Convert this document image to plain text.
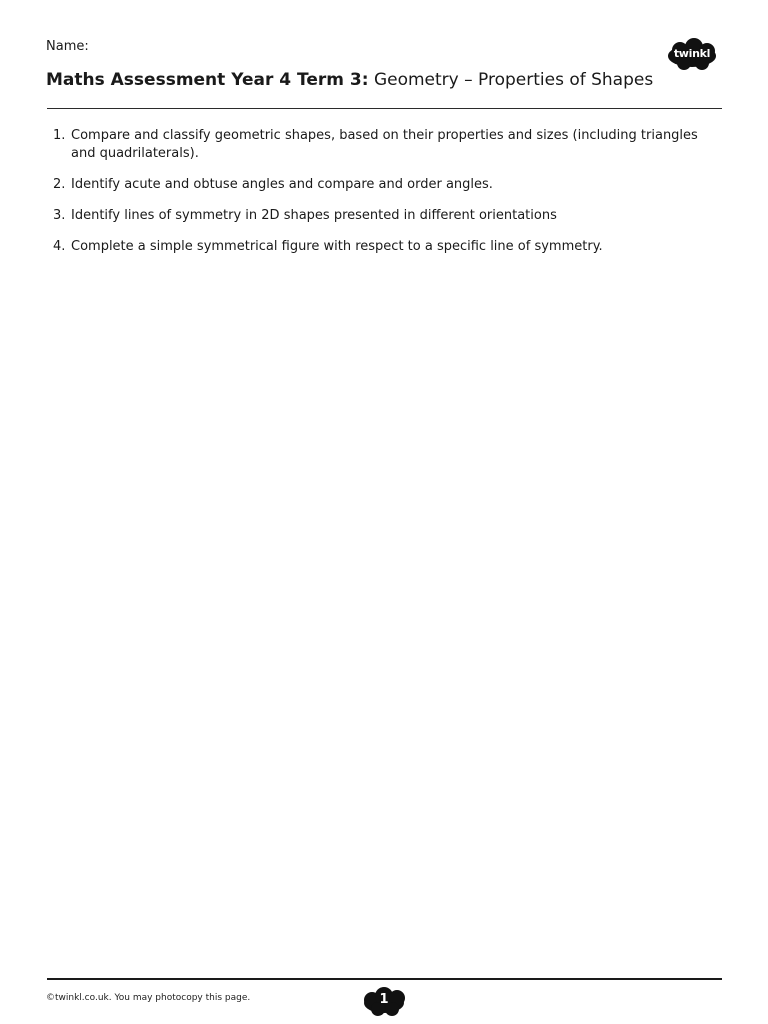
Name:	twinkl
Maths Assessment Year 4 Term 3: Geometry – Properties of Shapes
1. Compare and classify geometric shapes, based on their properties and sizes (including triangles and quadrilaterals).
2. Identify acute and obtuse angles and compare and order angles.
3. Identify lines of symmetry in 2D shapes presented in different orientations
4. Complete a simple symmetrical figure with respect to a specific line of symmetry.
©twinkl.co.uk. You may photocopy this page.	1
